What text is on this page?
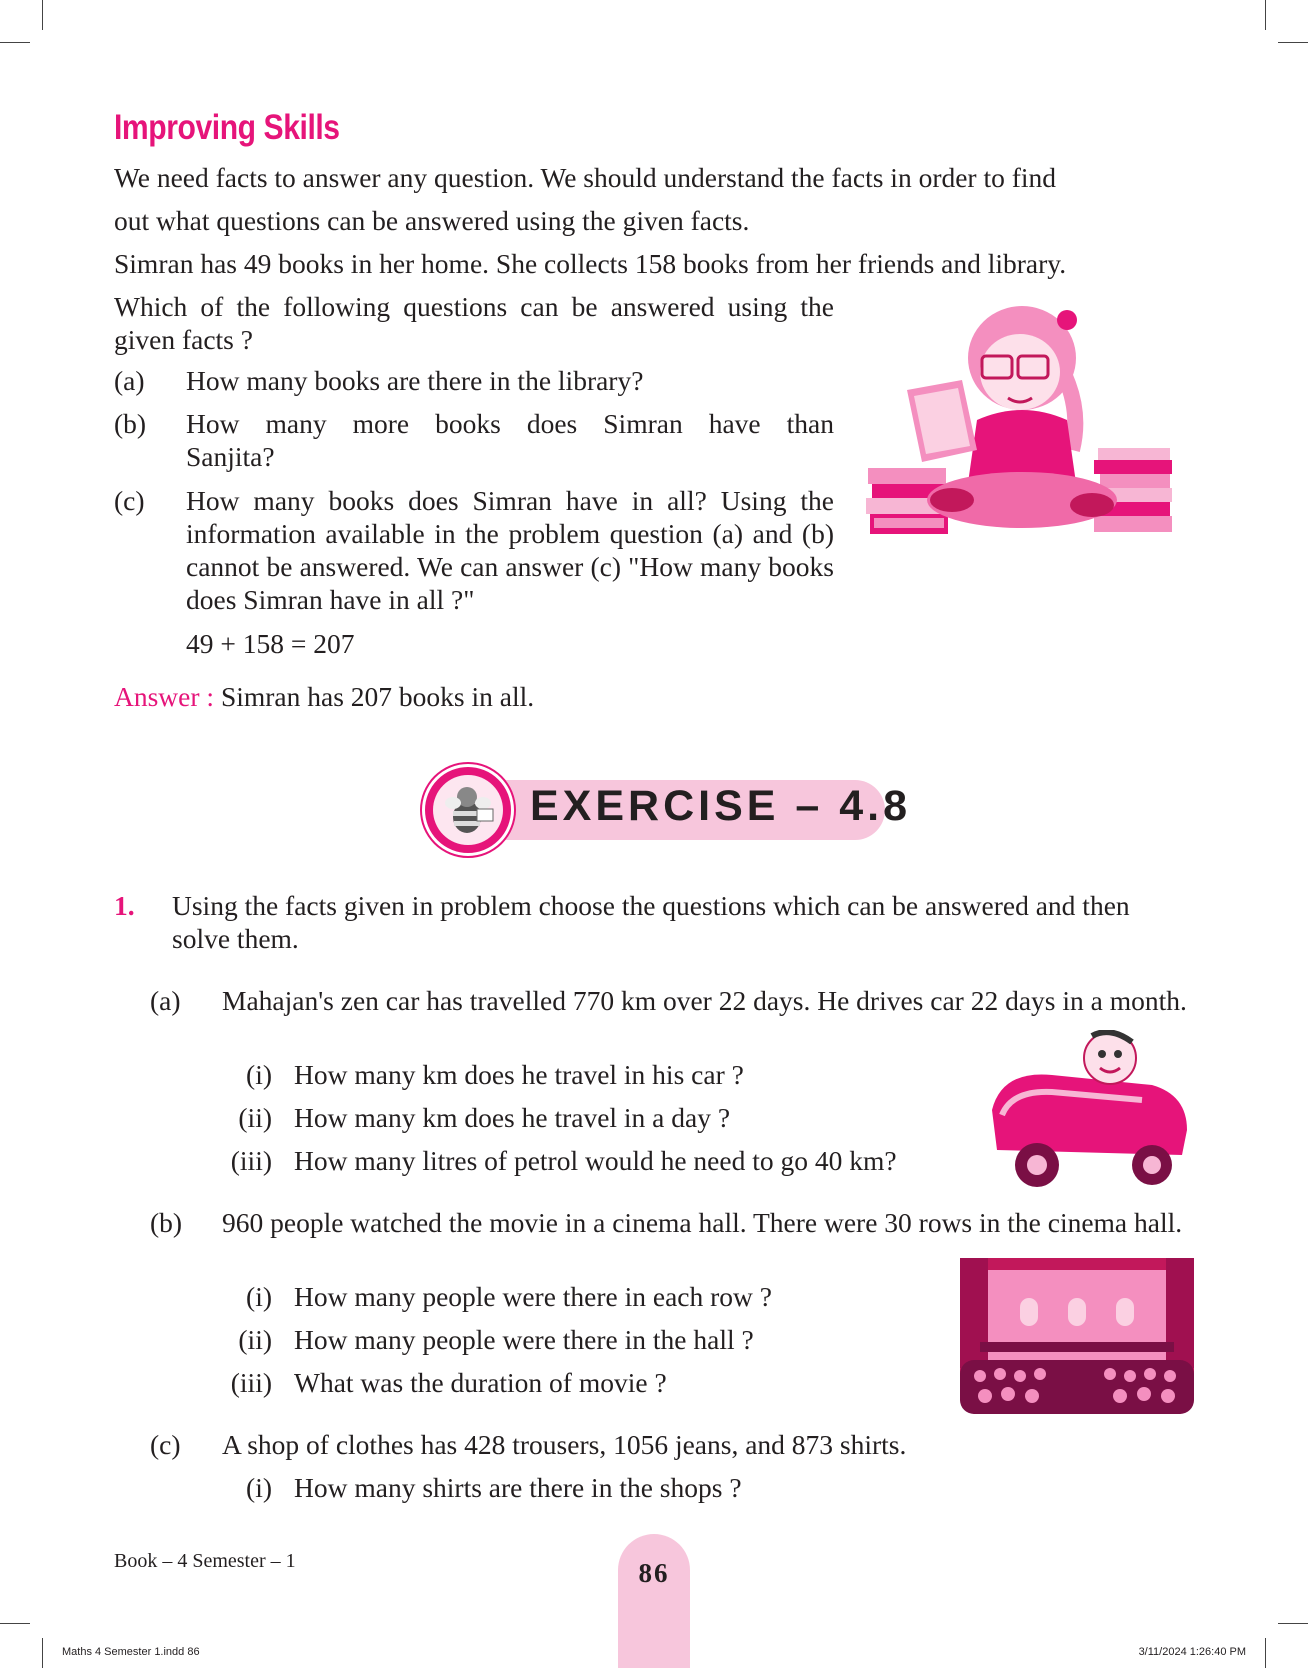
Improving Skills
We need facts to answer any question. We should understand the facts in order to find
out what questions can be answered using the given facts.
Simran has 49 books in her home. She collects 158 books from her friends and library.
Which of the following questions can be answered using the given facts ?
(a) How many books are there in the library?
(b) How many more books does Simran have than Sanjita?
(c) How many books does Simran have in all? Using the information available in the problem question (a) and (b) cannot be answered. We can answer (c) "How many books does Simran have in all ?"
49 + 158 = 207
Answer : Simran has 207 books in all.
EXERCISE – 4.8
1. Using the facts given in problem choose the questions which can be answered and then solve them.
(a) Mahajan's zen car has travelled 770 km over 22 days. He drives car 22 days in a month.
(i) How many km does he travel in his car ?
(ii) How many km does he travel in a day ?
(iii) How many litres of petrol would he need to go 40 km?
(b) 960 people watched the movie in a cinema hall. There were 30 rows in the cinema hall.
(i) How many people were there in each row ?
(ii) How many people were there in the hall ?
(iii) What was the duration of movie ?
(c) A shop of clothes has 428 trousers, 1056 jeans, and 873 shirts.
(i) How many shirts are there in the shops ?
Book – 4 Semester – 1	86
Maths 4 Semester 1.indd 86	3/11/2024 1:26:40 PM
